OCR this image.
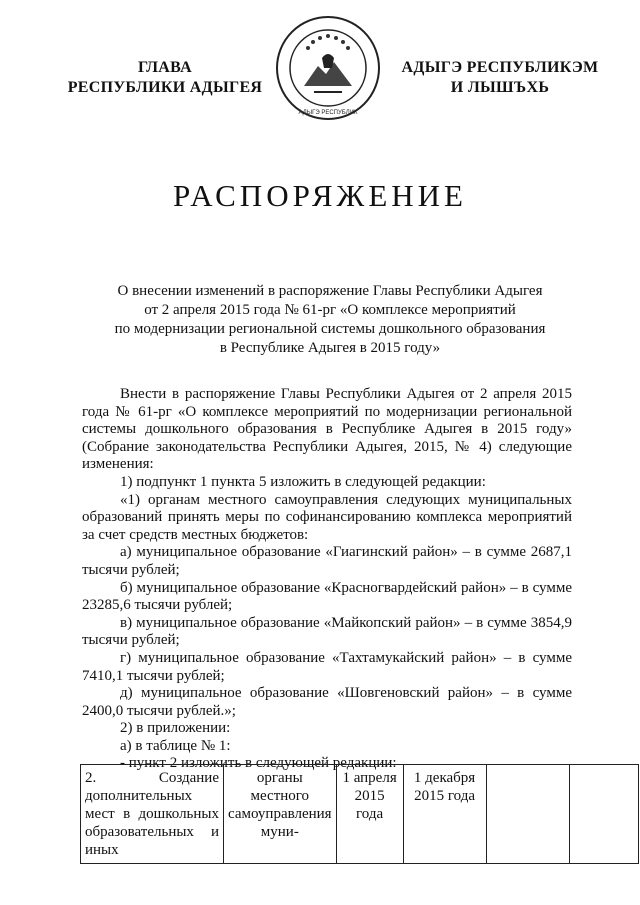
ГЛАВА
РЕСПУБЛИКИ АДЫГЕЯ
АДЫГЭ РЕСПУБЛИК
АДЫГЭ РЕСПУБЛИКЭМ
И ЛЫШЪХЬ
РАСПОРЯЖЕНИЕ
О внесении изменений в распоряжение Главы Республики Адыгея
от 2 апреля 2015 года № 61-рг «О комплексе мероприятий
по модернизации региональной системы дошкольного образования
в Республике Адыгея в 2015 году»

Внести в распоряжение Главы Республики Адыгея от 2 апреля 2015 года № 61-рг «О комплексе мероприятий по модернизации региональной системы дошкольного образования в Республике Адыгея в 2015 году» (Собрание законодательства Республики Адыгея, 2015, № 4) следующие изменения:

1) подпункт 1 пункта 5 изложить в следующей редакции:

«1) органам местного самоуправления следующих муниципальных образований принять меры по софинансированию комплекса мероприятий за счет средств местных бюджетов:

а) муниципальное образование «Гиагинский район» – в сумме 2687,1 тысячи рублей;

б) муниципальное образование «Красногвардейский район» – в сумме 23285,6 тысячи рублей;

в) муниципальное образование «Майкопский район» – в сумме 3854,9 тысячи рублей;

г) муниципальное образование «Тахтамукайский район» – в сумме 7410,1 тысячи рублей;

д) муниципальное образование «Шовгеновский район» – в сумме 2400,0 тысячи рублей.»;

2) в приложении:

а) в таблице № 1:

- пункт 2 изложить в следующей редакции:

2. Создание дополнительных мест в дошкольных образовательных и иных	органы местного самоуправления муни-	1 апреля 2015 года	1 декабря 2015 года		
